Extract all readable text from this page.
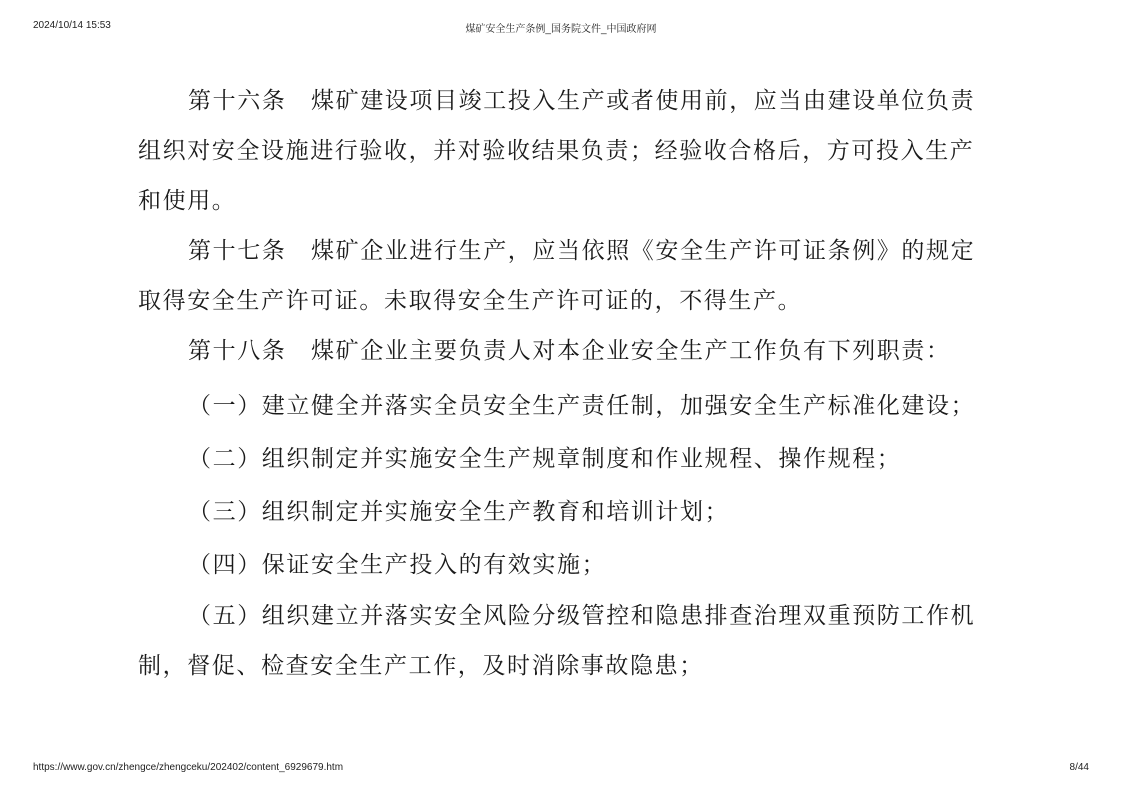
2024/10/14 15:53	煤矿安全生产条例_国务院文件_中国政府网

第十六条　煤矿建设项目竣工投入生产或者使用前，应当由建设单位负责组织对安全设施进行验收，并对验收结果负责；经验收合格后，方可投入生产和使用。

第十七条　煤矿企业进行生产，应当依照《安全生产许可证条例》的规定取得安全生产许可证。未取得安全生产许可证的，不得生产。

第十八条　煤矿企业主要负责人对本企业安全生产工作负有下列职责：

（一）建立健全并落实全员安全生产责任制，加强安全生产标准化建设；

（二）组织制定并实施安全生产规章制度和作业规程、操作规程；

（三）组织制定并实施安全生产教育和培训计划；

（四）保证安全生产投入的有效实施；

（五）组织建立并落实安全风险分级管控和隐患排查治理双重预防工作机制，督促、检查安全生产工作，及时消除事故隐患；

https://www.gov.cn/zhengce/zhengceku/202402/content_6929679.htm	8/44
